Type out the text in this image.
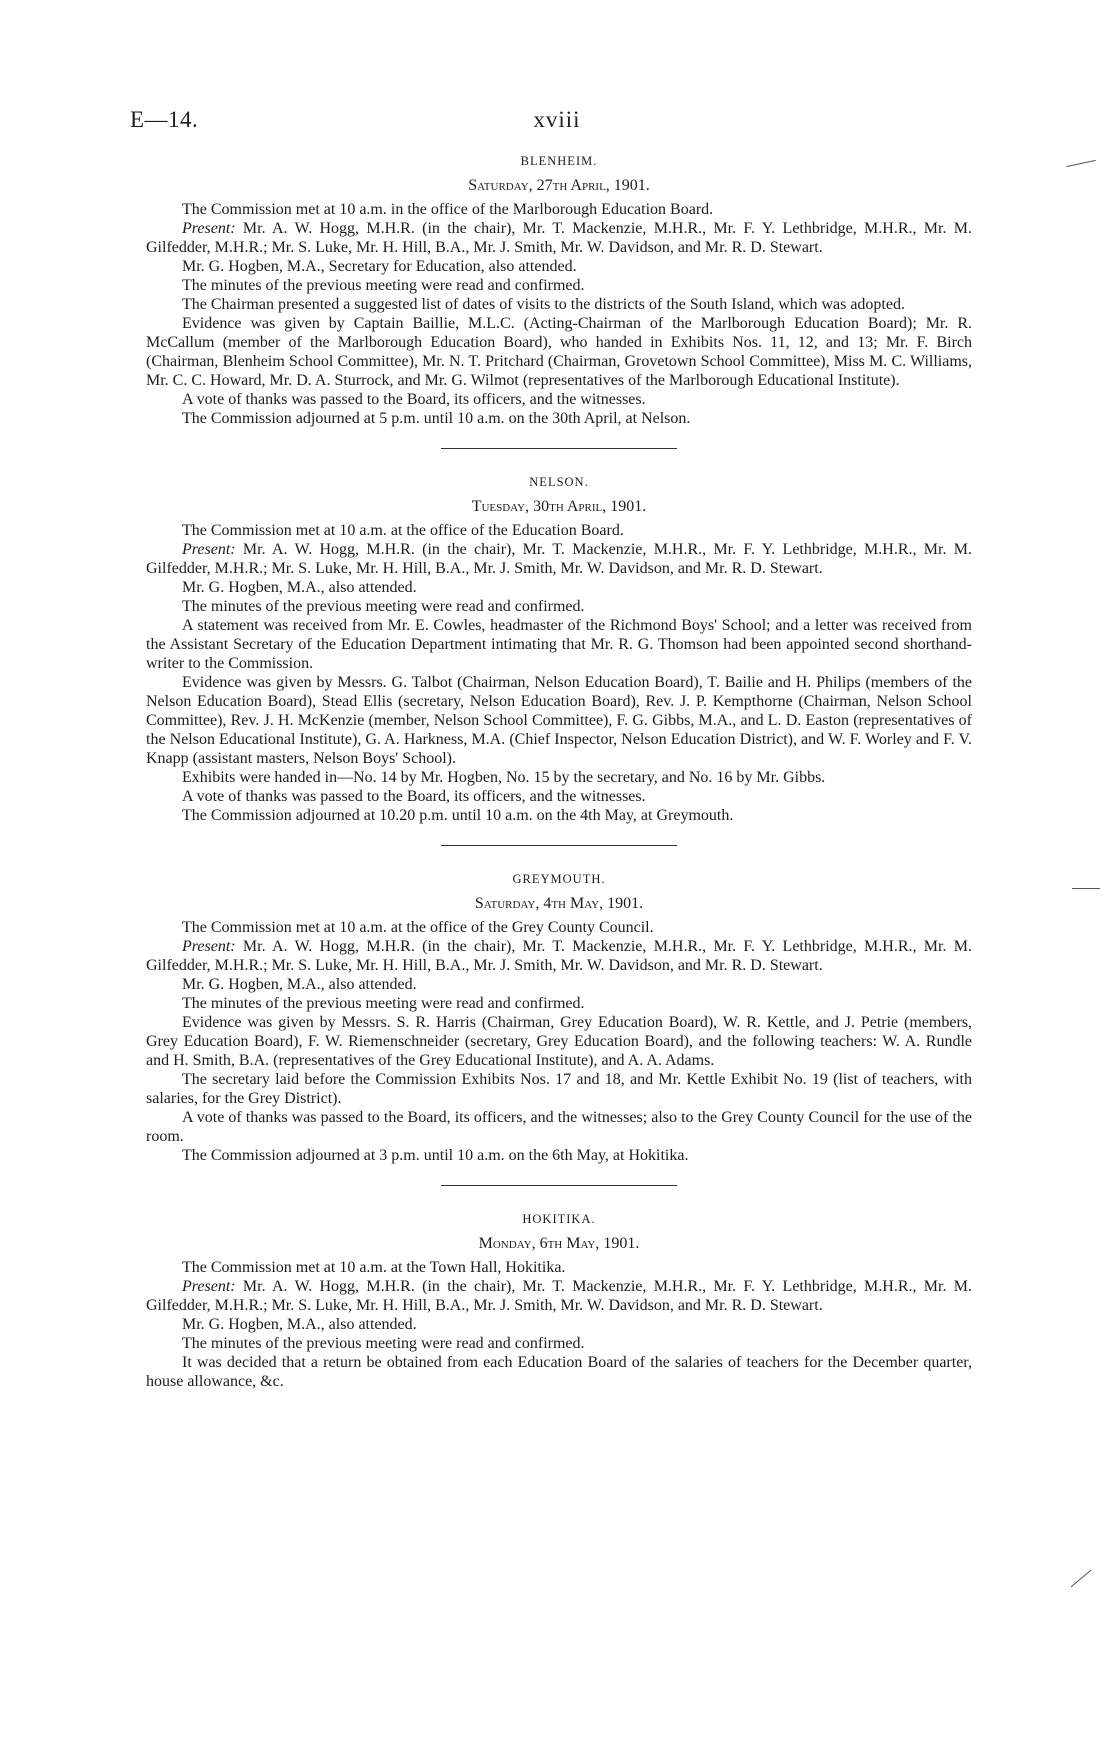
E—14.	xviii
BLENHEIM.
Saturday, 27th April, 1901.

The Commission met at 10 a.m. in the office of the Marlborough Education Board.

Present: Mr. A. W. Hogg, M.H.R. (in the chair), Mr. T. Mackenzie, M.H.R., Mr. F. Y. Lethbridge, M.H.R., Mr. M. Gilfedder, M.H.R.; Mr. S. Luke, Mr. H. Hill, B.A., Mr. J. Smith, Mr. W. Davidson, and Mr. R. D. Stewart.

Mr. G. Hogben, M.A., Secretary for Education, also attended.

The minutes of the previous meeting were read and confirmed.

The Chairman presented a suggested list of dates of visits to the districts of the South Island, which was adopted.

Evidence was given by Captain Baillie, M.L.C. (Acting-Chairman of the Marlborough Education Board); Mr. R. McCallum (member of the Marlborough Education Board), who handed in Exhibits Nos. 11, 12, and 13; Mr. F. Birch (Chairman, Blenheim School Committee), Mr. N. T. Pritchard (Chairman, Grovetown School Committee), Miss M. C. Williams, Mr. C. C. Howard, Mr. D. A. Sturrock, and Mr. G. Wilmot (representatives of the Marlborough Educational Institute).

A vote of thanks was passed to the Board, its officers, and the witnesses.

The Commission adjourned at 5 p.m. until 10 a.m. on the 30th April, at Nelson.

NELSON.
Tuesday, 30th April, 1901.

The Commission met at 10 a.m. at the office of the Education Board.

Present: Mr. A. W. Hogg, M.H.R. (in the chair), Mr. T. Mackenzie, M.H.R., Mr. F. Y. Lethbridge, M.H.R., Mr. M. Gilfedder, M.H.R.; Mr. S. Luke, Mr. H. Hill, B.A., Mr. J. Smith, Mr. W. Davidson, and Mr. R. D. Stewart.

Mr. G. Hogben, M.A., also attended.

The minutes of the previous meeting were read and confirmed.

A statement was received from Mr. E. Cowles, headmaster of the Richmond Boys' School; and a letter was received from the Assistant Secretary of the Education Department intimating that Mr. R. G. Thomson had been appointed second shorthand-writer to the Commission.

Evidence was given by Messrs. G. Talbot (Chairman, Nelson Education Board), T. Bailie and H. Philips (members of the Nelson Education Board), Stead Ellis (secretary, Nelson Education Board), Rev. J. P. Kempthorne (Chairman, Nelson School Committee), Rev. J. H. McKenzie (member, Nelson School Committee), F. G. Gibbs, M.A., and L. D. Easton (representatives of the Nelson Educational Institute), G. A. Harkness, M.A. (Chief Inspector, Nelson Education District), and W. F. Worley and F. V. Knapp (assistant masters, Nelson Boys' School).

Exhibits were handed in—No. 14 by Mr. Hogben, No. 15 by the secretary, and No. 16 by Mr. Gibbs.

A vote of thanks was passed to the Board, its officers, and the witnesses.

The Commission adjourned at 10.20 p.m. until 10 a.m. on the 4th May, at Greymouth.

GREYMOUTH.
Saturday, 4th May, 1901.

The Commission met at 10 a.m. at the office of the Grey County Council.

Present: Mr. A. W. Hogg, M.H.R. (in the chair), Mr. T. Mackenzie, M.H.R., Mr. F. Y. Lethbridge, M.H.R., Mr. M. Gilfedder, M.H.R.; Mr. S. Luke, Mr. H. Hill, B.A., Mr. J. Smith, Mr. W. Davidson, and Mr. R. D. Stewart.

Mr. G. Hogben, M.A., also attended.

The minutes of the previous meeting were read and confirmed.

Evidence was given by Messrs. S. R. Harris (Chairman, Grey Education Board), W. R. Kettle, and J. Petrie (members, Grey Education Board), F. W. Riemenschneider (secretary, Grey Education Board), and the following teachers: W. A. Rundle and H. Smith, B.A. (representatives of the Grey Educational Institute), and A. A. Adams.

The secretary laid before the Commission Exhibits Nos. 17 and 18, and Mr. Kettle Exhibit No. 19 (list of teachers, with salaries, for the Grey District).

A vote of thanks was passed to the Board, its officers, and the witnesses; also to the Grey County Council for the use of the room.

The Commission adjourned at 3 p.m. until 10 a.m. on the 6th May, at Hokitika.

HOKITIKA.
Monday, 6th May, 1901.

The Commission met at 10 a.m. at the Town Hall, Hokitika.

Present: Mr. A. W. Hogg, M.H.R. (in the chair), Mr. T. Mackenzie, M.H.R., Mr. F. Y. Lethbridge, M.H.R., Mr. M. Gilfedder, M.H.R.; Mr. S. Luke, Mr. H. Hill, B.A., Mr. J. Smith, Mr. W. Davidson, and Mr. R. D. Stewart.

Mr. G. Hogben, M.A., also attended.

The minutes of the previous meeting were read and confirmed.

It was decided that a return be obtained from each Education Board of the salaries of teachers for the December quarter, house allowance, &c.
